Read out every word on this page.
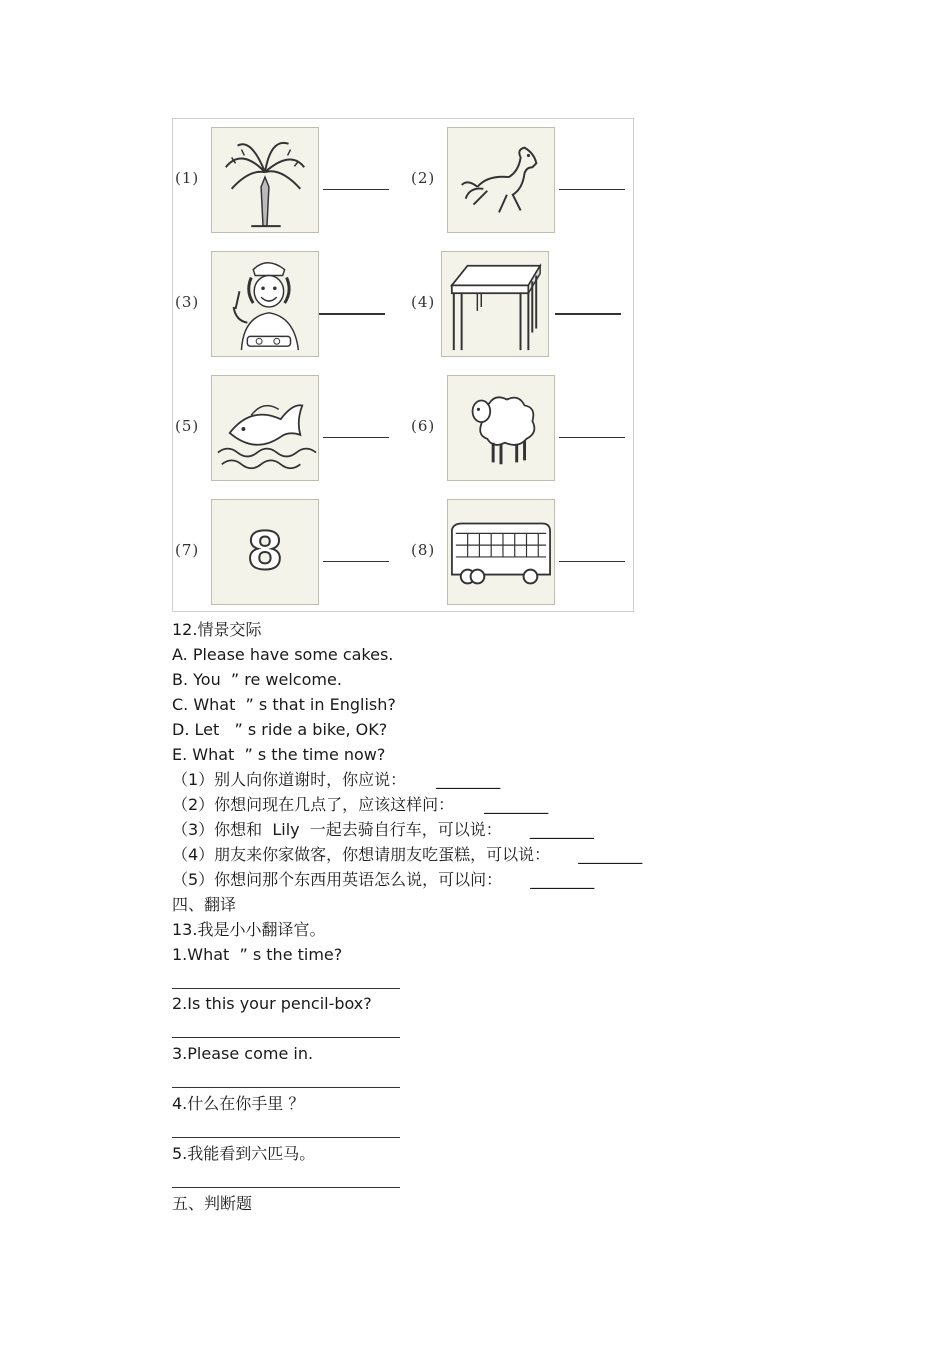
(1)	(2)
(3)	(4)
(5)	(6)
(7) 8	(8)
12.情景交际
A. Please have some cakes.
B. You  ” re welcome.
C. What  ” s that in English?
D. Let   ” s ride a bike, OK?
E. What  ” s the time now?
（1）别人向你道谢时，你应说： ________
（2）你想问现在几点了，应该这样问： ________
（3）你想和  Lily  一起去骑自行车，可以说： ________
（4）朋友来你家做客，你想请朋友吃蛋糕，可以说： ________
（5）你想问那个东西用英语怎么说，可以问： ________
四、翻译
13.我是小小翻译官。
1.What  ” s the time?
2.Is this your pencil-box?
3.Please come in.
4.什么在你手里 ？
5.我能看到六匹马。
五、判断题
